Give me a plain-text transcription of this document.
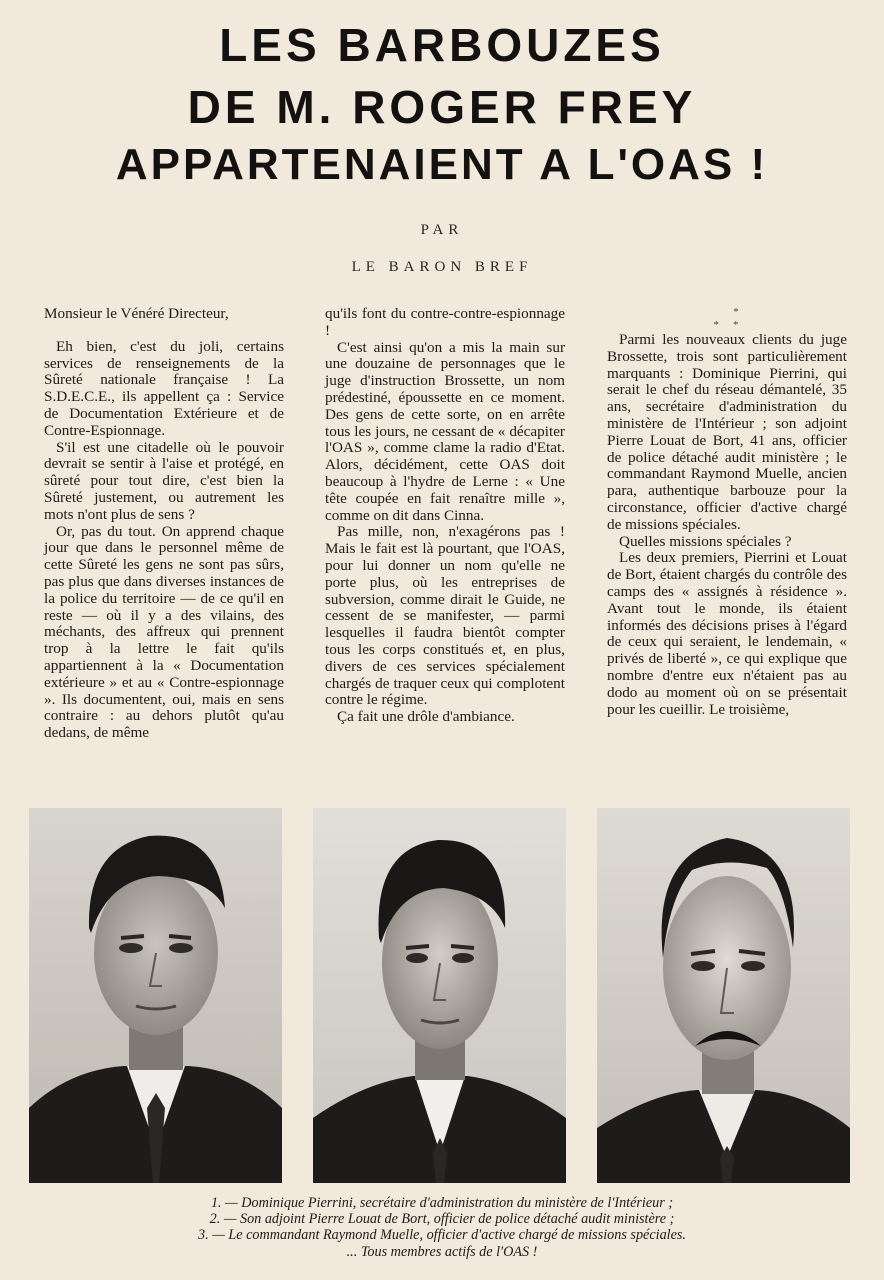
LES BARBOUZES
DE M. ROGER FREY
APPARTENAIENT A L'OAS !
PAR
LE BARON BREF

Monsieur le Vénéré Directeur,

Eh bien, c'est du joli, certains services de renseignements de la Sûreté nationale française ! La S.D.E.C.E., ils appellent ça : Service de Documentation Extérieure et de Contre-Espionnage.

S'il est une citadelle où le pouvoir devrait se sentir à l'aise et protégé, en sûreté pour tout dire, c'est bien la Sûreté justement, ou autrement les mots n'ont plus de sens ?

Or, pas du tout. On apprend chaque jour que dans le personnel même de cette Sûreté les gens ne sont pas sûrs, pas plus que dans diverses instances de la police du territoire — de ce qu'il en reste — où il y a des vilains, des méchants, des affreux qui prennent trop à la lettre le fait qu'ils appartiennent à la « Documentation extérieure » et au « Contre-espionnage ». Ils documentent, oui, mais en sens contraire : au dehors plutôt qu'au dedans, de même

qu'ils font du contre-contre-espionnage !

C'est ainsi qu'on a mis la main sur une douzaine de personnages que le juge d'instruction Brossette, un nom prédestiné, époussette en ce moment. Des gens de cette sorte, on en arrête tous les jours, ne cessant de « décapiter l'OAS », comme clame la radio d'Etat. Alors, décidément, cette OAS doit beaucoup à l'hydre de Lerne : « Une tête coupée en fait renaître mille », comme on dit dans Cinna.

Pas mille, non, n'exagérons pas ! Mais le fait est là pourtant, que l'OAS, pour lui donner un nom qu'elle ne porte plus, où les entreprises de subversion, comme dirait le Guide, ne cessent de se manifester, — parmi lesquelles il faudra bientôt compter tous les corps constitués et, en plus, divers de ces services spécialement chargés de traquer ceux qui complotent contre le régime.

Ça fait une drôle d'ambiance.

*
**

Parmi les nouveaux clients du juge Brossette, trois sont particulièrement marquants : Dominique Pierrini, qui serait le chef du réseau démantelé, 35 ans, secrétaire d'administration du ministère de l'Intérieur ; son adjoint Pierre Louat de Bort, 41 ans, officier de police détaché audit ministère ; le commandant Raymond Muelle, ancien para, authentique barbouze pour la circonstance, officier d'active chargé de missions spéciales.

Quelles missions spéciales ?

Les deux premiers, Pierrini et Louat de Bort, étaient chargés du contrôle des camps des « assignés à résidence ». Avant tout le monde, ils étaient informés des décisions prises à l'égard de ceux qui seraient, le lendemain, « privés de liberté », ce qui explique que nombre d'entre eux n'étaient pas au dodo au moment où on se présentait pour les cueillir. Le troisième,

1. — Dominique Pierrini, secrétaire d'administration du ministère de l'Intérieur ;
2. — Son adjoint Pierre Louat de Bort, officier de police détaché audit ministère ;
3. — Le commandant Raymond Muelle, officier d'active chargé de missions spéciales.
... Tous membres actifs de l'OAS !
